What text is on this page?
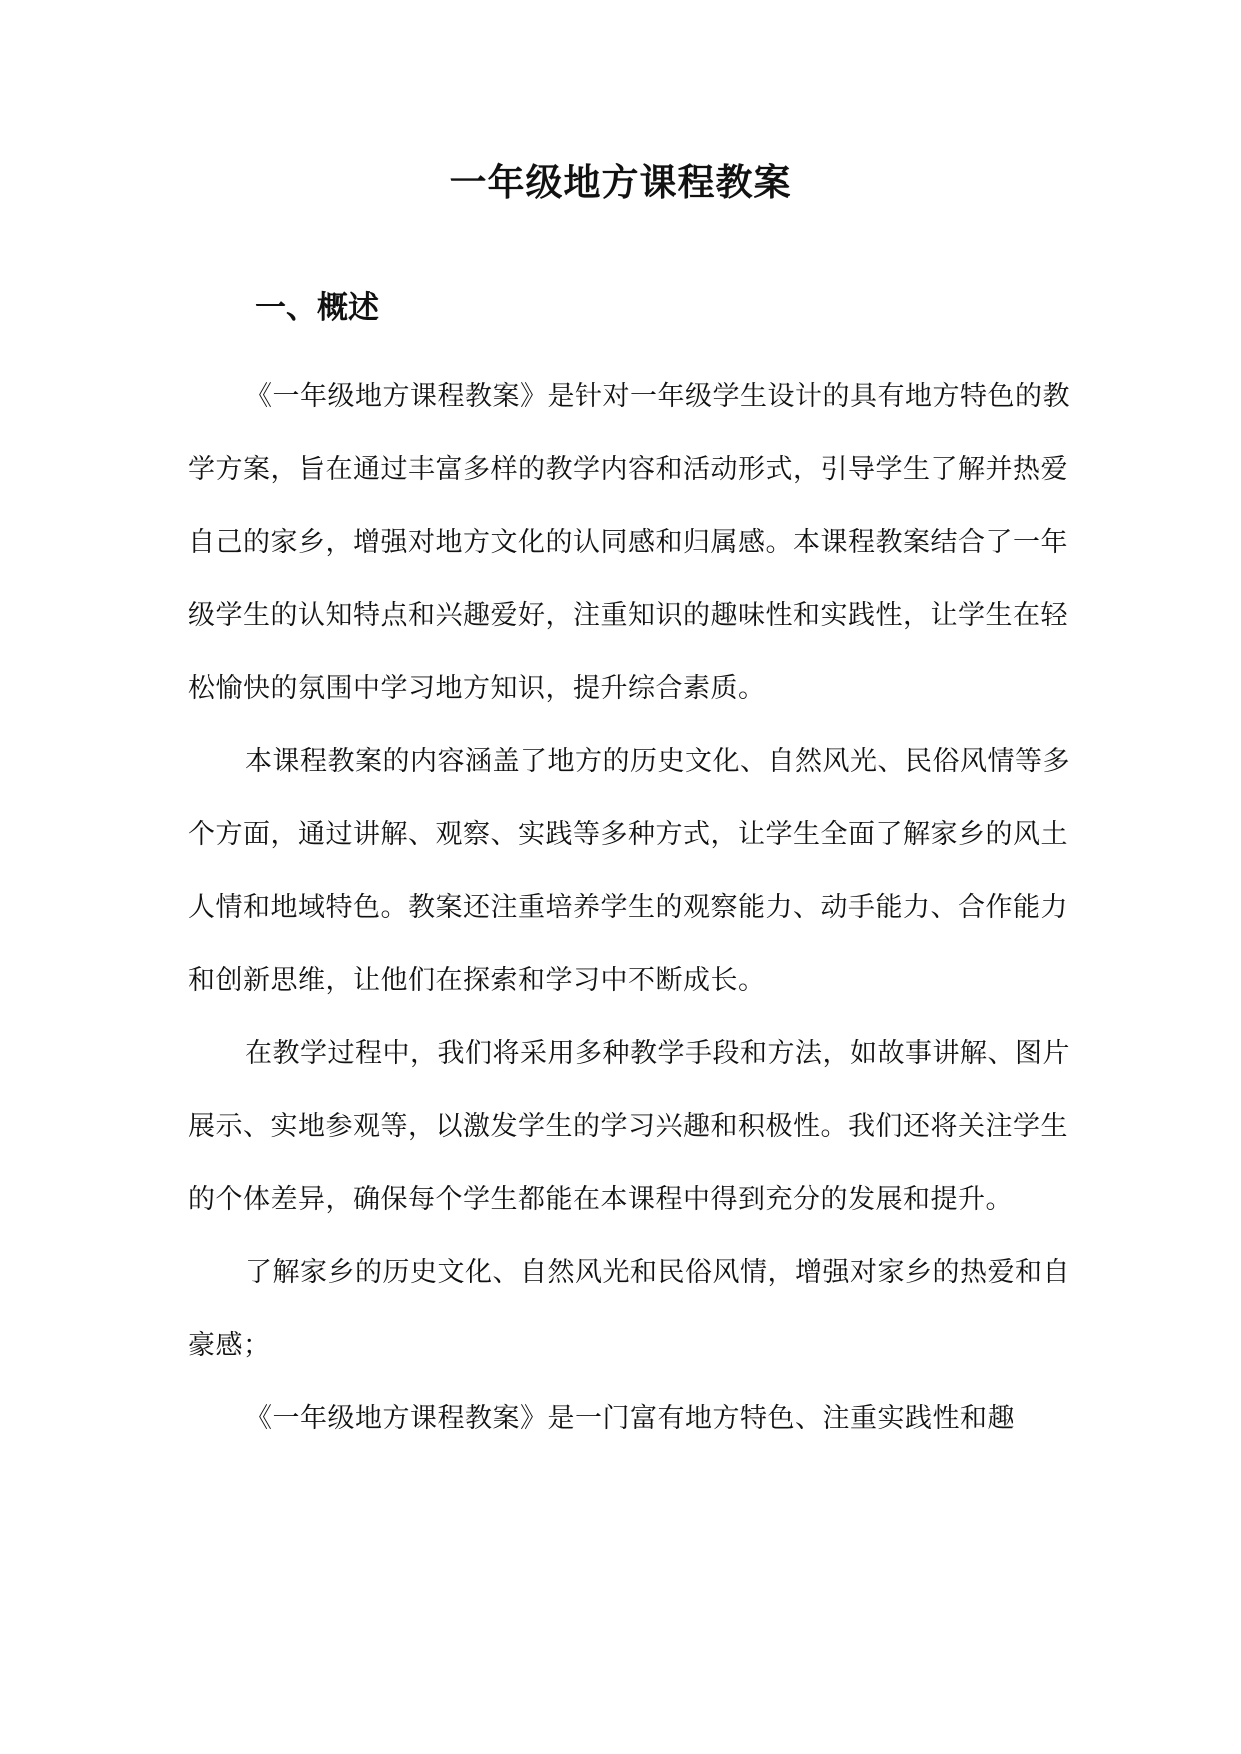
一年级地方课程教案
一、概述

《一年级地方课程教案》是针对一年级学生设计的具有地方特色的教学方案，旨在通过丰富多样的教学内容和活动形式，引导学生了解并热爱自己的家乡，增强对地方文化的认同感和归属感。本课程教案结合了一年级学生的认知特点和兴趣爱好，注重知识的趣味性和实践性，让学生在轻松愉快的氛围中学习地方知识，提升综合素质。

本课程教案的内容涵盖了地方的历史文化、自然风光、民俗风情等多个方面，通过讲解、观察、实践等多种方式，让学生全面了解家乡的风土人情和地域特色。教案还注重培养学生的观察能力、动手能力、合作能力和创新思维，让他们在探索和学习中不断成长。

在教学过程中，我们将采用多种教学手段和方法，如故事讲解、图片展示、实地参观等，以激发学生的学习兴趣和积极性。我们还将关注学生的个体差异，确保每个学生都能在本课程中得到充分的发展和提升。

了解家乡的历史文化、自然风光和民俗风情，增强对家乡的热爱和自豪感；

《一年级地方课程教案》是一门富有地方特色、注重实践性和趣
